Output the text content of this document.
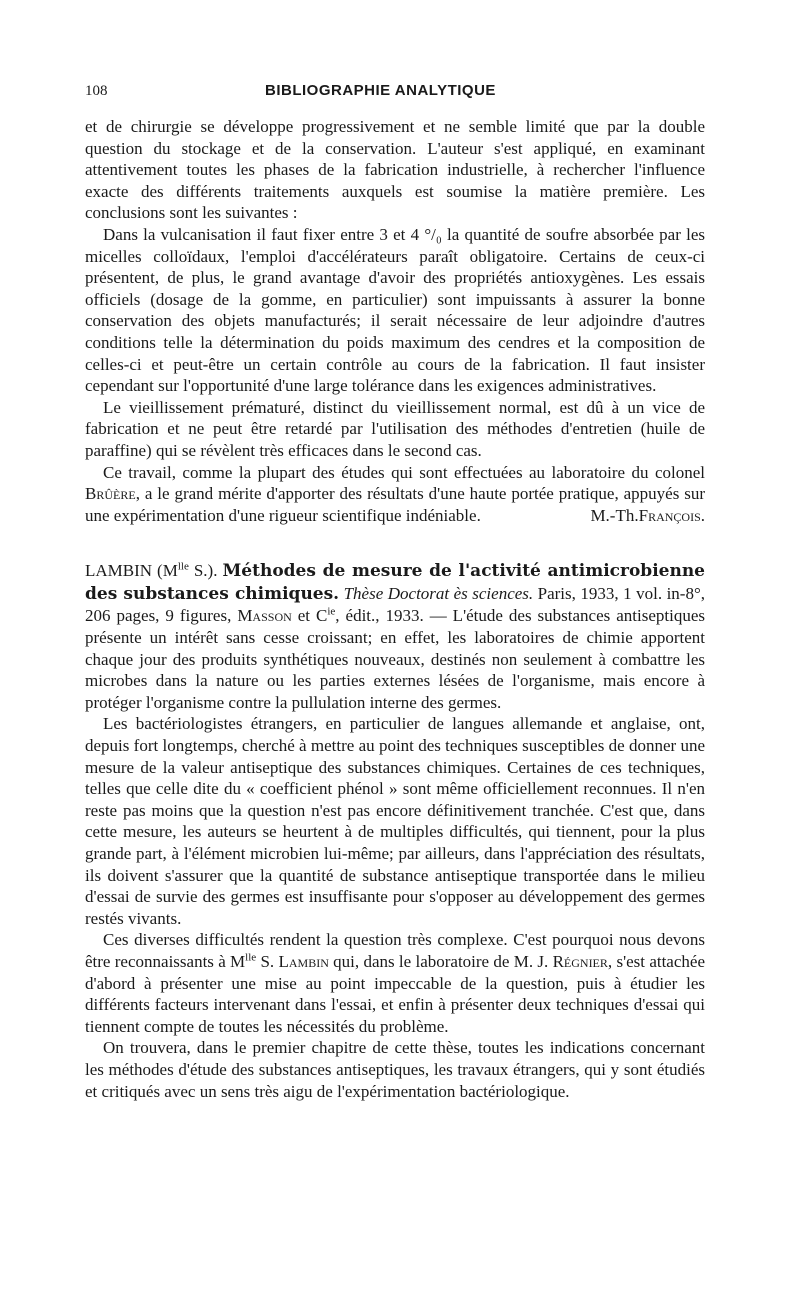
108	BIBLIOGRAPHIE ANALYTIQUE

et de chirurgie se développe progressivement et ne semble limité que par la double question du stockage et de la conservation. L'auteur s'est appliqué, en examinant attentivement toutes les phases de la fabrication industrielle, à rechercher l'influence exacte des différents traitements auxquels est soumise la matière première. Les conclusions sont les suivantes :

Dans la vulcanisation il faut fixer entre 3 et 4 °/₀ la quantité de soufre absorbée par les micelles colloïdaux, l'emploi d'accélérateurs paraît obligatoire. Certains de ceux-ci présentent, de plus, le grand avantage d'avoir des propriétés antioxygènes. Les essais officiels (dosage de la gomme, en particulier) sont impuissants à assurer la bonne conservation des objets manufacturés; il serait nécessaire de leur adjoindre d'autres conditions telle la détermination du poids maximum des cendres et la composition de celles-ci et peut-être un certain contrôle au cours de la fabrication. Il faut insister cependant sur l'opportunité d'une large tolérance dans les exigences administratives.

Le vieillissement prématuré, distinct du vieillissement normal, est dû à un vice de fabrication et ne peut être retardé par l'utilisation des méthodes d'entretien (huile de paraffine) qui se révèlent très efficaces dans le second cas.

Ce travail, comme la plupart des études qui sont effectuées au laboratoire du colonel Brûère, a le grand mérite d'apporter des résultats d'une haute portée pratique, appuyés sur une expérimentation d'une rigueur scientifique indéniable.	M.-Th. François.

LAMBIN ($M^{lle}$ S.). Méthodes de mesure de l'activité antimicrobienne des substances chimiques. Thèse Doctorat ès sciences. Paris, 1933, 1 vol. in-8°, 206 pages, 9 figures, Masson et $C^{ie}$, édit., 1933. — L'étude des substances antiseptiques présente un intérêt sans cesse croissant; en effet, les laboratoires de chimie apportent chaque jour des produits synthétiques nouveaux, destinés non seulement à combattre les microbes dans la nature ou les parties externes lésées de l'organisme, mais encore à protéger l'organisme contre la pullulation interne des germes.

Les bactériologistes étrangers, en particulier de langues allemande et anglaise, ont, depuis fort longtemps, cherché à mettre au point des techniques susceptibles de donner une mesure de la valeur antiseptique des substances chimiques. Certaines de ces techniques, telles que celle dite du « coefficient phénol » sont même officiellement reconnues. Il n'en reste pas moins que la question n'est pas encore définitivement tranchée. C'est que, dans cette mesure, les auteurs se heurtent à de multiples difficultés, qui tiennent, pour la plus grande part, à l'élément microbien lui-même; par ailleurs, dans l'appréciation des résultats, ils doivent s'assurer que la quantité de substance antiseptique transportée dans le milieu d'essai de survie des germes est insuffisante pour s'opposer au développement des germes restés vivants.

Ces diverses difficultés rendent la question très complexe. C'est pourquoi nous devons être reconnaissants à $M^{lle}$ S. Lambin qui, dans le laboratoire de M. J. Régnier, s'est attachée d'abord à présenter une mise au point impeccable de la question, puis à étudier les différents facteurs intervenant dans l'essai, et enfin à présenter deux techniques d'essai qui tiennent compte de toutes les nécessités du problème.

On trouvera, dans le premier chapitre de cette thèse, toutes les indications concernant les méthodes d'étude des substances antiseptiques, les travaux étrangers, qui y sont étudiés et critiqués avec un sens très aigu de l'expérimentation bactériologique.
